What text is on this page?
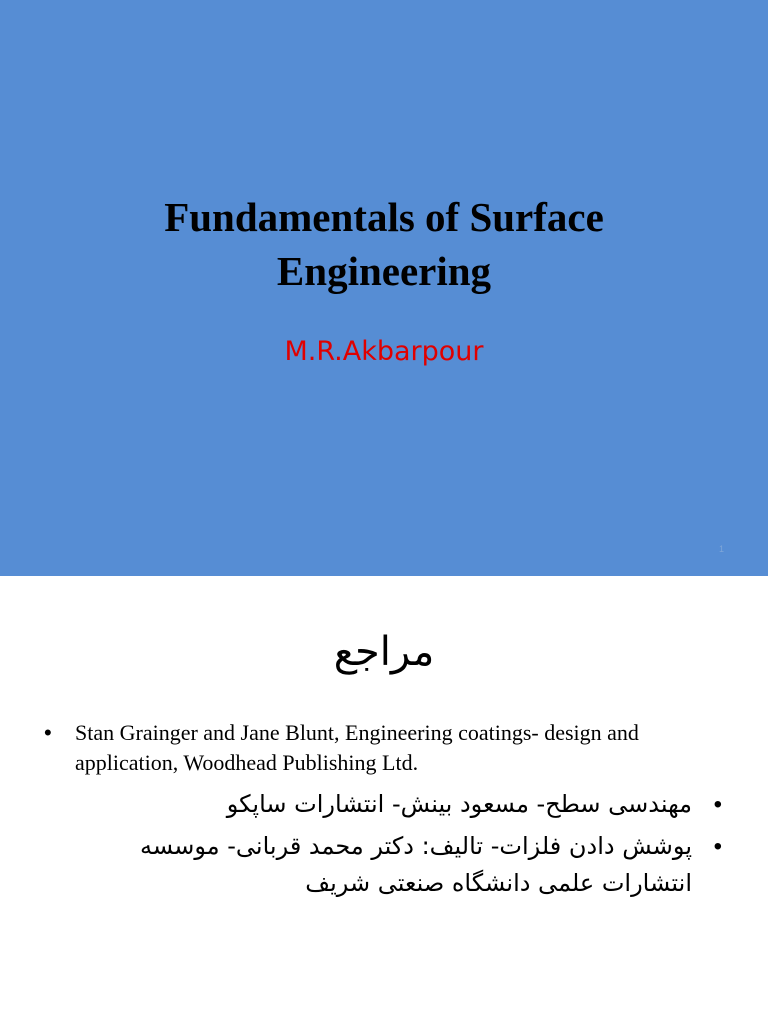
Fundamentals of Surface
Engineering
M.R.Akbarpour
1
مراجع
• Stan Grainger and Jane Blunt, Engineering coatings- design and application, Woodhead Publishing Ltd.
•
مهندسی سطح- مسعود بینش- انتشارات ساپکو
•
پوشش دادن فلزات- تالیف: دکتر محمد قربانی- موسسه انتشارات علمی دانشگاه صنعتی شریف
